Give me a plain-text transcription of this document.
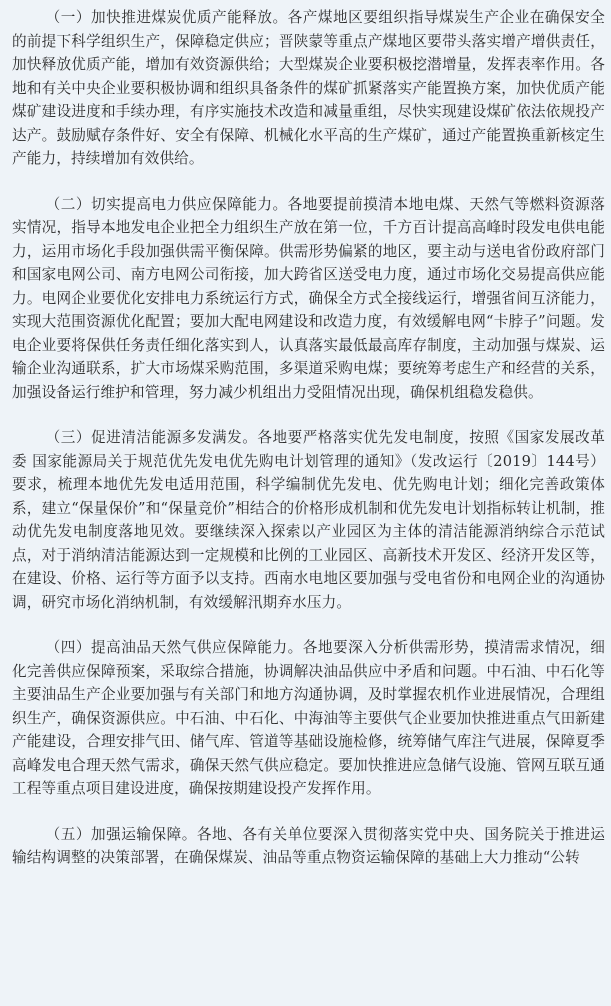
（一）加快推进煤炭优质产能释放。各产煤地区要组织指导煤炭生产企业在确保安全的前提下科学组织生产，保障稳定供应；晋陕蒙等重点产煤地区要带头落实增产增供责任，加快释放优质产能，增加有效资源供给；大型煤炭企业要积极挖潜增量，发挥表率作用。各地和有关中央企业要积极协调和组织具备条件的煤矿抓紧落实产能置换方案，加快优质产能煤矿建设进度和手续办理，有序实施技术改造和减量重组，尽快实现建设煤矿依法依规投产达产。鼓励赋存条件好、安全有保障、机械化水平高的生产煤矿，通过产能置换重新核定生产能力，持续增加有效供给。

（二）切实提高电力供应保障能力。各地要提前摸清本地电煤、天然气等燃料资源落实情况，指导本地发电企业把全力组织生产放在第一位，千方百计提高高峰时段发电供电能力，运用市场化手段加强供需平衡保障。供需形势偏紧的地区，要主动与送电省份政府部门和国家电网公司、南方电网公司衔接，加大跨省区送受电力度，通过市场化交易提高供应能力。电网企业要优化安排电力系统运行方式，确保全方式全接线运行，增强省间互济能力，实现大范围资源优化配置；要加大配电网建设和改造力度，有效缓解电网“卡脖子”问题。发电企业要将保供任务责任细化落实到人，认真落实最低最高库存制度，主动加强与煤炭、运输企业沟通联系，扩大市场煤采购范围，多渠道采购电煤；要统筹考虑生产和经营的关系，加强设备运行维护和管理，努力减少机组出力受阻情况出现，确保机组稳发稳供。

（三）促进清洁能源多发满发。各地要严格落实优先发电制度，按照《国家发展改革委 国家能源局关于规范优先发电优先购电计划管理的通知》（发改运行〔2019〕144号）要求，梳理本地优先发电适用范围，科学编制优先发电、优先购电计划；细化完善政策体系，建立“保量保价”和“保量竞价”相结合的价格形成机制和优先发电计划指标转让机制，推动优先发电制度落地见效。要继续深入探索以产业园区为主体的清洁能源消纳综合示范试点，对于消纳清洁能源达到一定规模和比例的工业园区、高新技术开发区、经济开发区等，在建设、价格、运行等方面予以支持。西南水电地区要加强与受电省份和电网企业的沟通协调，研究市场化消纳机制，有效缓解汛期弃水压力。

（四）提高油品天然气供应保障能力。各地要深入分析供需形势，摸清需求情况，细化完善供应保障预案，采取综合措施，协调解决油品供应中矛盾和问题。中石油、中石化等主要油品生产企业要加强与有关部门和地方沟通协调，及时掌握农机作业进展情况，合理组织生产，确保资源供应。中石油、中石化、中海油等主要供气企业要加快推进重点气田新建产能建设，合理安排气田、储气库、管道等基础设施检修，统筹储气库注气进展，保障夏季高峰发电合理天然气需求，确保天然气供应稳定。要加快推进应急储气设施、管网互联互通工程等重点项目建设进度，确保按期建设投产发挥作用。

（五）加强运输保障。各地、各有关单位要深入贯彻落实党中央、国务院关于推进运输结构调整的决策部署，在确保煤炭、油品等重点物资运输保障的基础上大力推动“公转
